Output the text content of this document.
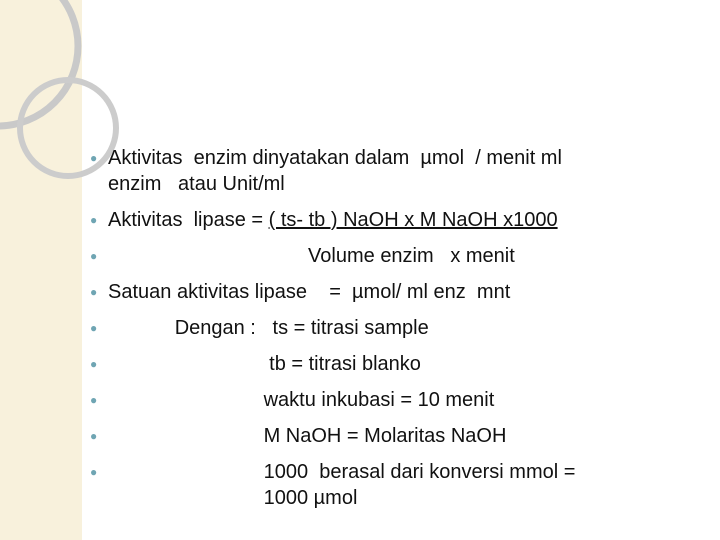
● Aktivitas  enzim dinyatakan dalam  µmol  / menit ml
enzim   atau Unit/ml
● Aktivitas  lipase = ( ts- tb ) NaOH x M NaOH x1000
● Volume enzim   x menit
● Satuan aktivitas lipase    =  µmol/ ml enz  mnt
● Dengan :   ts = titrasi sample
● tb = titrasi blanko
● waktu inkubasi = 10 menit
● M NaOH = Molaritas NaOH
●	1000  berasal dari konversi mmol =
1000 µmol
